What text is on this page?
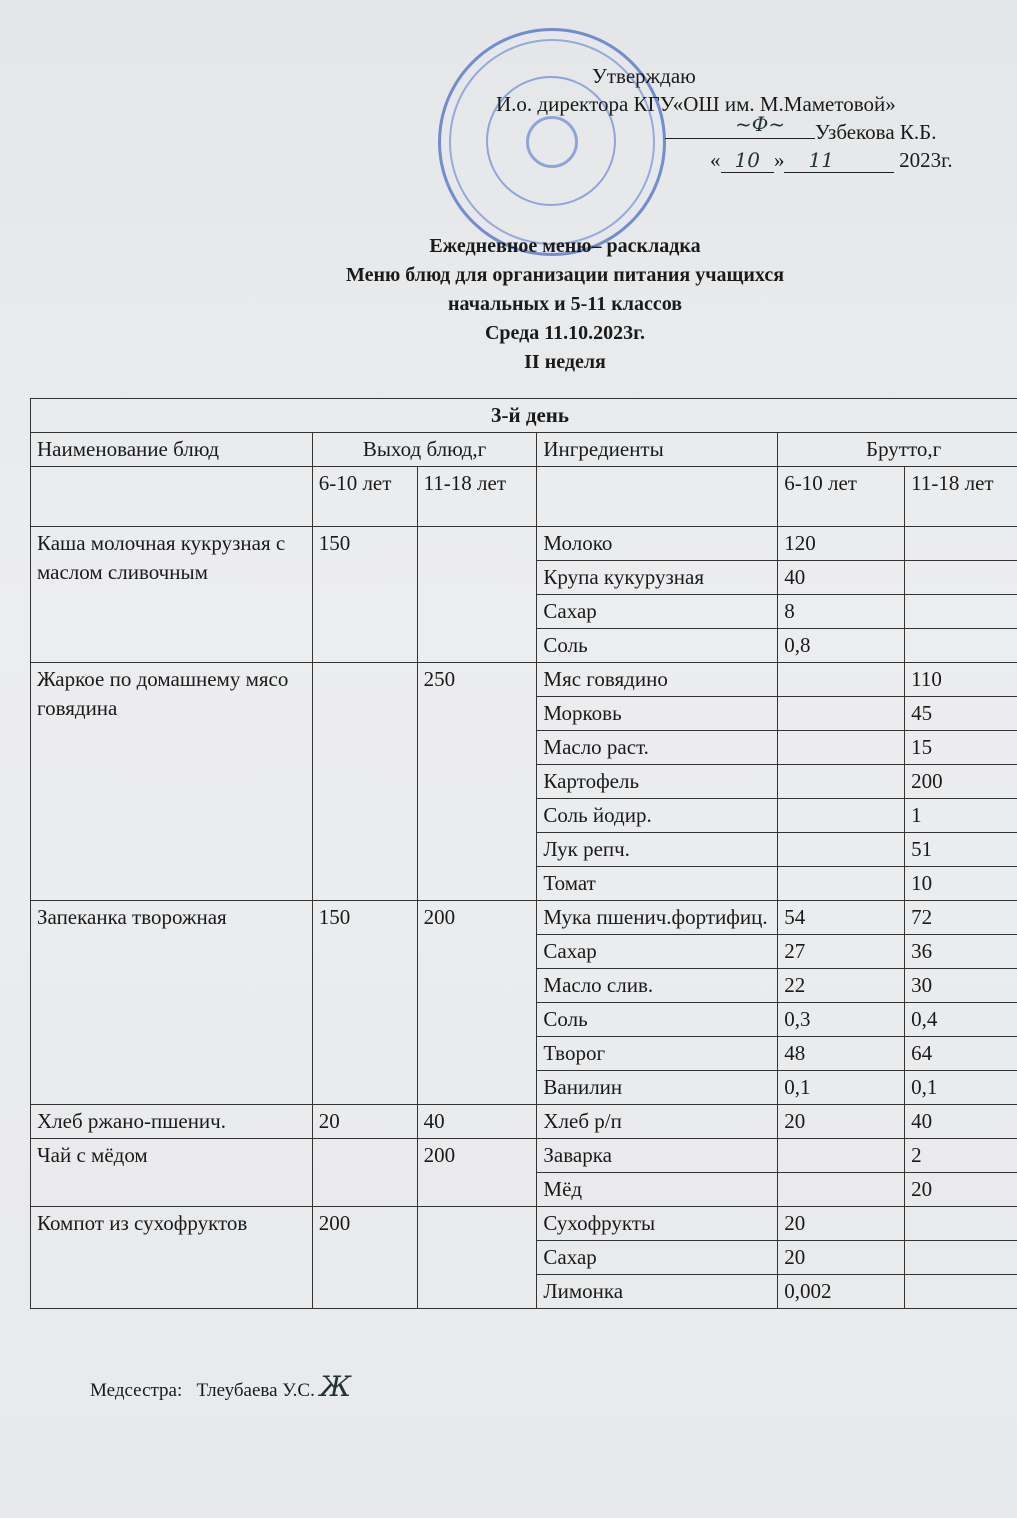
Утверждаю
И.о. директора КГУ«ОШ им. М.Маметовой»
~Ф~ Узбекова К.Б.
« 10 » 11	2023г.
Ежедневное меню– раскладка
Меню блюд для организации питания учащихся
начальных и 5-11 классов
Среда 11.10.2023г.
II неделя
3-й день					
Наименование блюд	Выход блюд,г		Ингредиенты	Брутто,г	
	6-10 лет	11-18 лет		6-10 лет	11-18 лет
Каша молочная кукрузная с маслом сливочным	150		Молоко	120	
			Крупа кукурузная	40	
			Сахар	8	
			Соль	0,8	
Жаркое по домашнему мясо говядина		250	Мяс говядино		110
			Морковь		45
			Масло раст.		15
			Картофель		200
			Соль йодир.		1
			Лук репч.		51
			Томат		10
Запеканка творожная	150	200	Мука пшенич.фортифиц.	54	72
			Сахар	27	36
			Масло слив.	22	30
			Соль	0,3	0,4
			Творог	48	64
			Ванилин	0,1	0,1
Хлеб ржано-пшенич.	20	40	Хлеб р/п	20	40
Чай с мёдом		200	Заварка		2
			Мёд		20
Компот из сухофруктов	200		Сухофрукты	20	
			Сахар	20	
			Лимонка	0,002	
Медсестра: Тлеубаева У.С. Ж
